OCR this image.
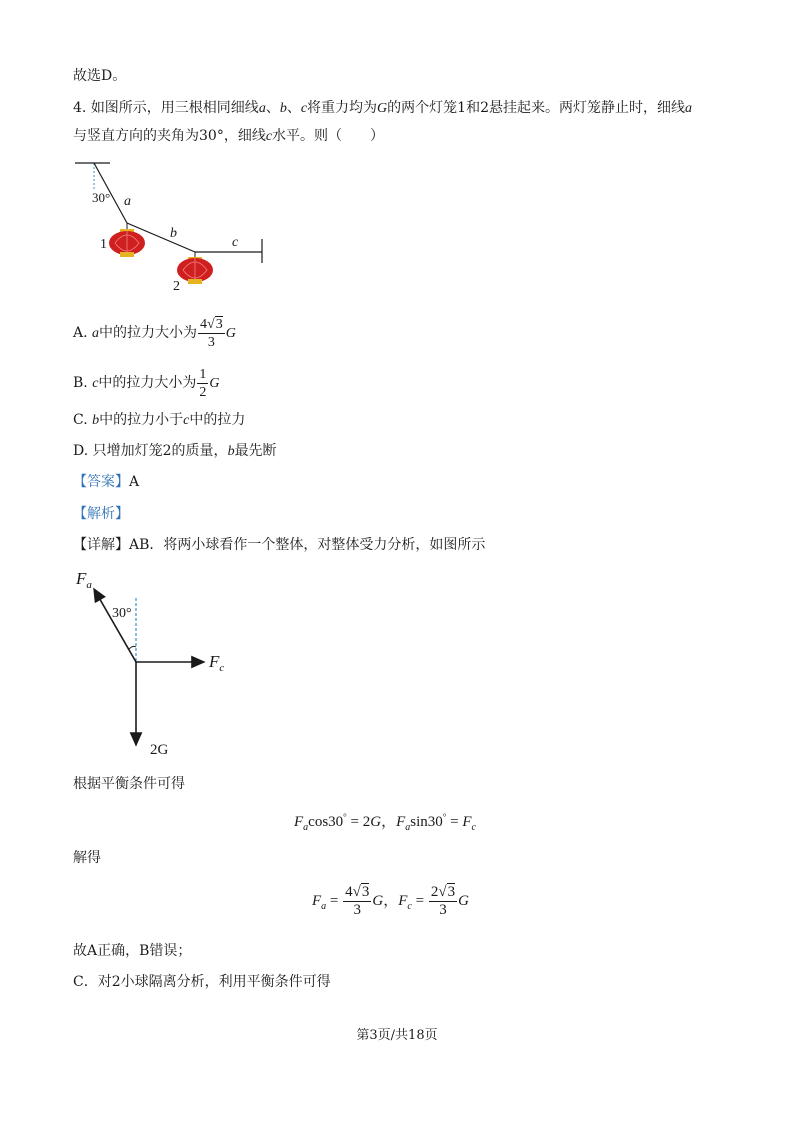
故选D。
4. 如图所示，用三根相同细线a、b、c将重力均为G的两个灯笼1和2悬挂起来。两灯笼静止时，细线a
与竖直方向的夹角为30°，细线c水平。则（　　）
30° a
1
b
c
2
A. a中的拉力大小为 $\frac{4√3}{3}$ G
B. c中的拉力大小为 $\frac{1}{2}$ G
C. b中的拉力小于c中的拉力
D. 只增加灯笼2的质量，b最先断
【答案】A
【解析】
【详解】AB．将两小球看作一个整体，对整体受力分析，如图所示
$F_a$
30°
$F_c$
2G
根据平衡条件可得
$F_a\cos 30^\circ = 2G$，$F_a\sin 30^\circ = F_c$
解得
$F_a = \frac{4√3}{3}$ G，$F_c = \frac{2√3}{3}$ G
故A正确，B错误；
C．对2小球隔离分析，利用平衡条件可得
第3页/共18页
